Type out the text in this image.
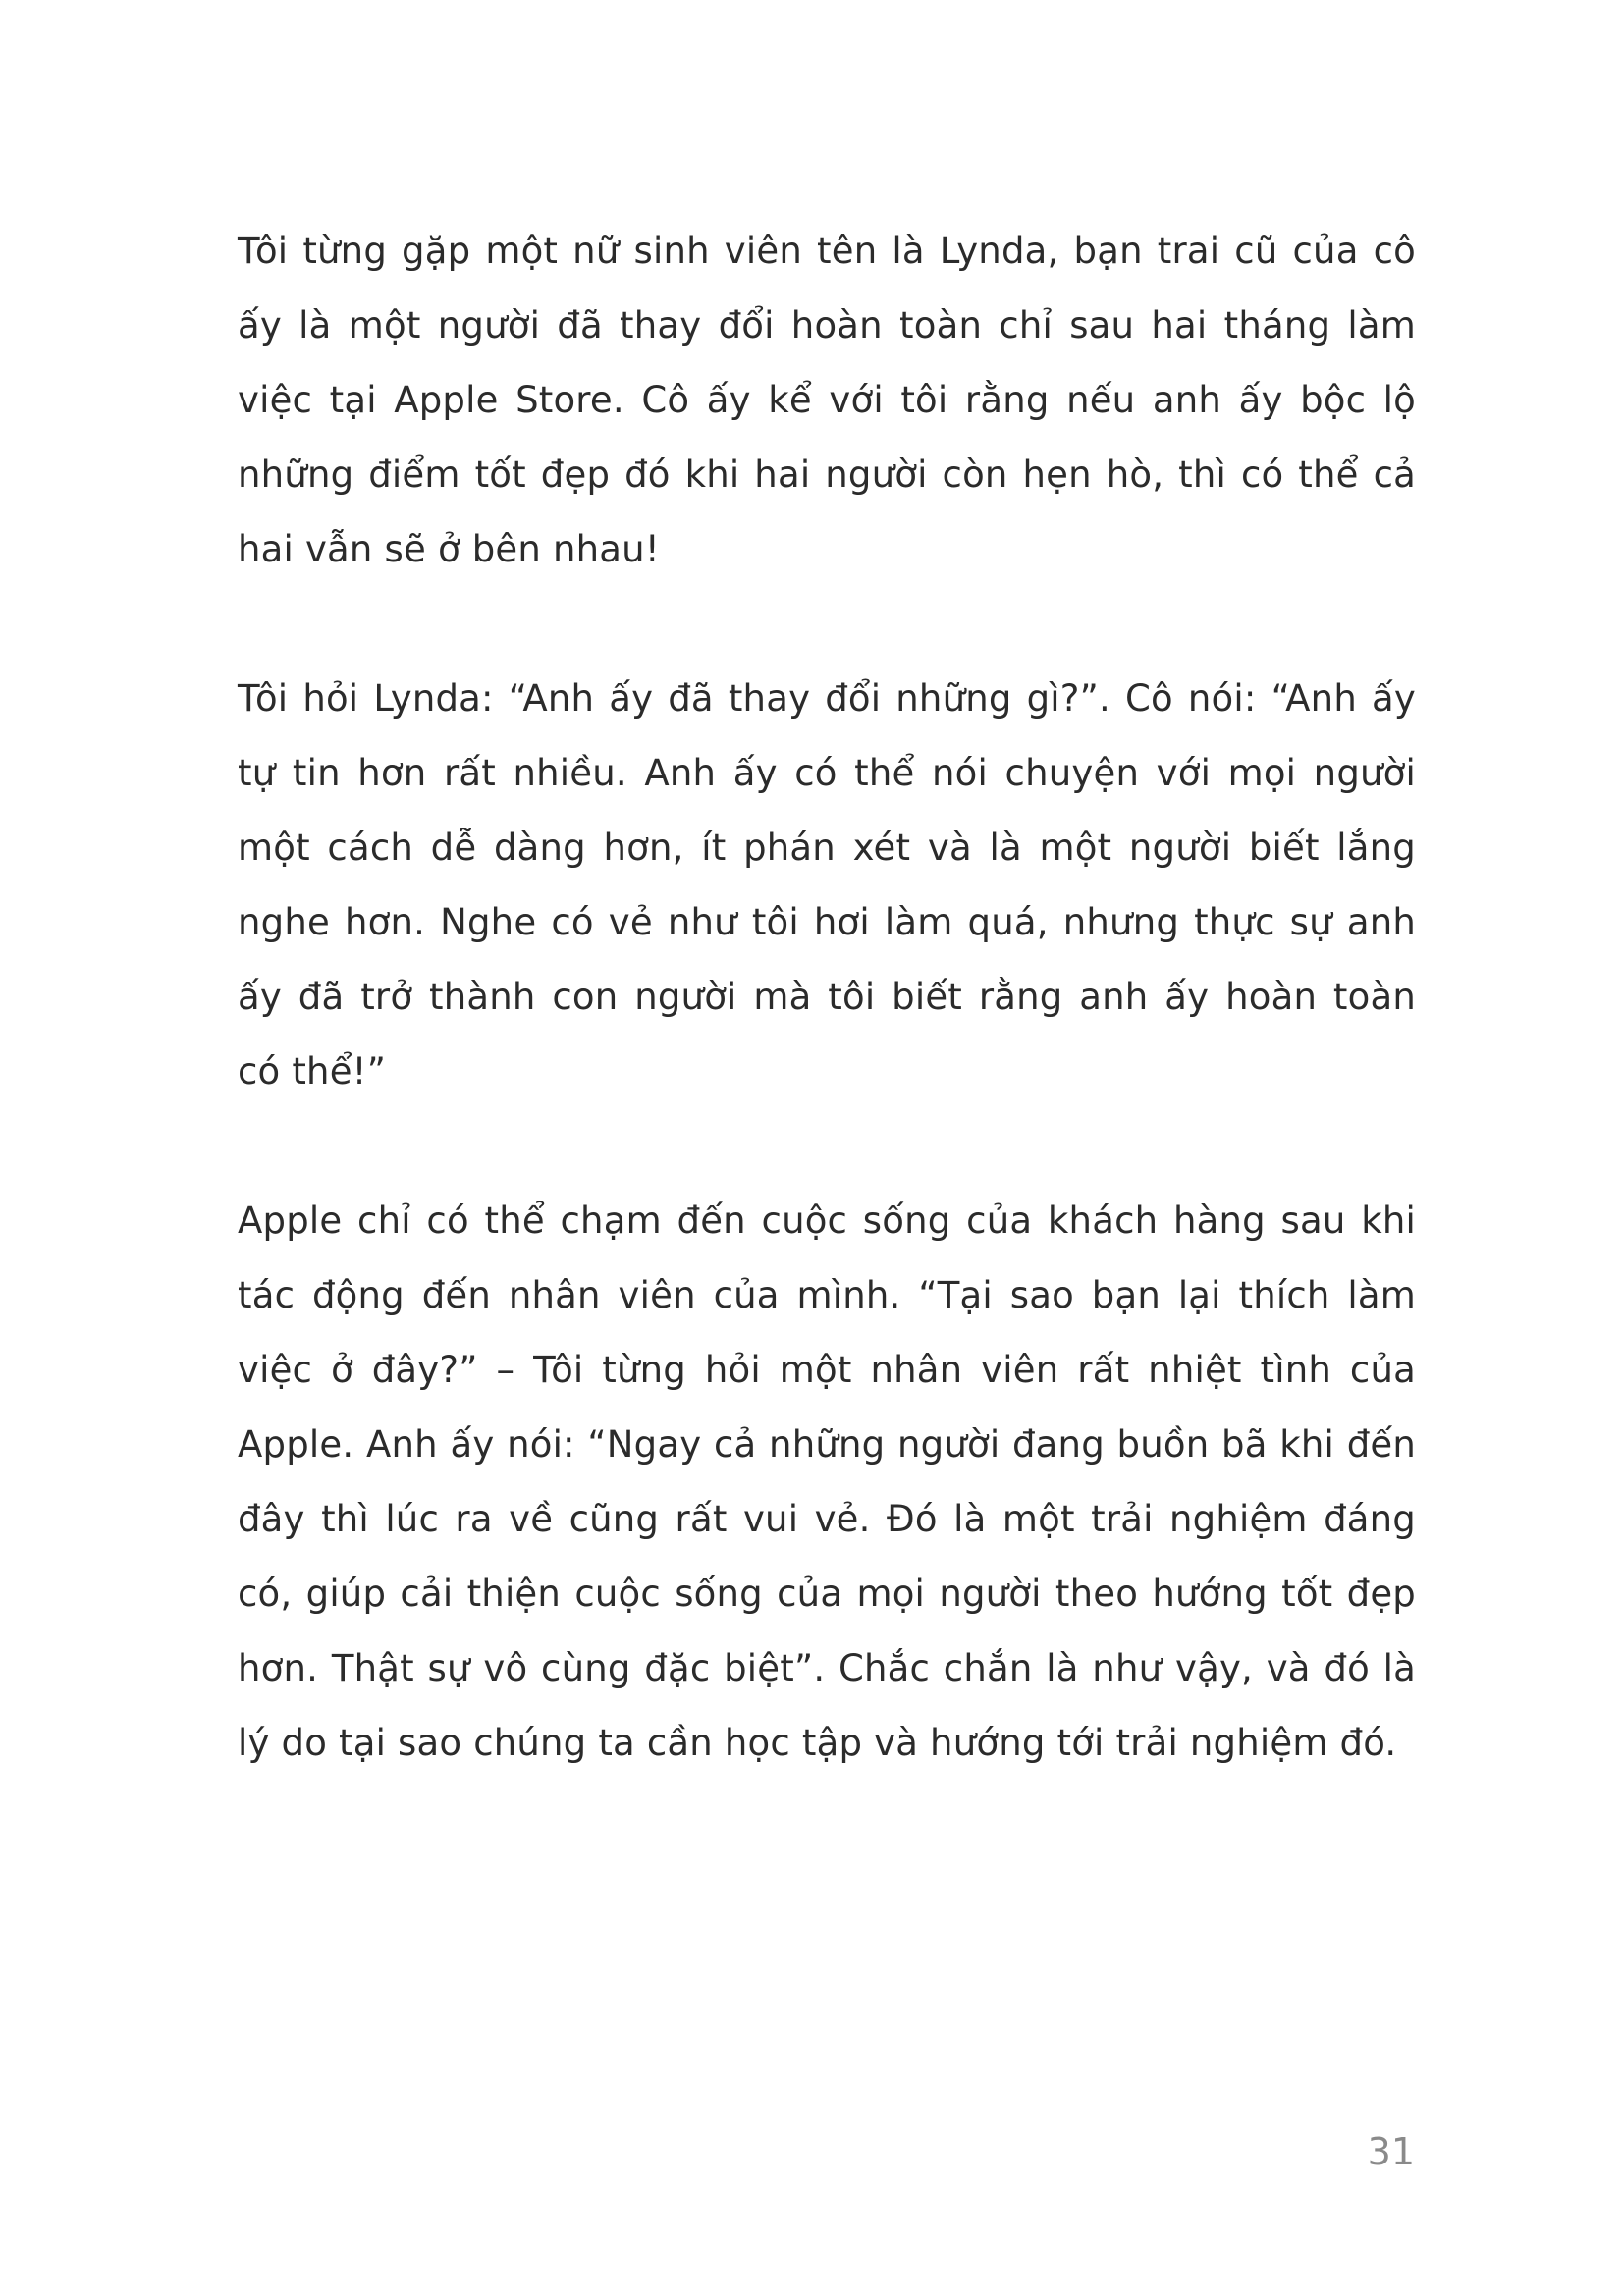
Tôi từng gặp một nữ sinh viên tên là Lynda, bạn trai cũ của cô
ấy là một người đã thay đổi hoàn toàn chỉ sau hai tháng làm
việc tại Apple Store. Cô ấy kể với tôi rằng nếu anh ấy bộc lộ
những điểm tốt đẹp đó khi hai người còn hẹn hò, thì có thể cả
hai vẫn sẽ ở bên nhau!
Tôi hỏi Lynda: “Anh ấy đã thay đổi những gì?”. Cô nói: “Anh ấy
tự tin hơn rất nhiều. Anh ấy có thể nói chuyện với mọi người
một cách dễ dàng hơn, ít phán xét và là một người biết lắng
nghe hơn. Nghe có vẻ như tôi hơi làm quá, nhưng thực sự anh
ấy đã trở thành con người mà tôi biết rằng anh ấy hoàn toàn
có thể!”
Apple chỉ có thể chạm đến cuộc sống của khách hàng sau khi
tác động đến nhân viên của mình. “Tại sao bạn lại thích làm
việc ở đây?” – Tôi từng hỏi một nhân viên rất nhiệt tình của
Apple. Anh ấy nói: “Ngay cả những người đang buồn bã khi đến
đây thì lúc ra về cũng rất vui vẻ. Đó là một trải nghiệm đáng
có, giúp cải thiện cuộc sống của mọi người theo hướng tốt đẹp
hơn. Thật sự vô cùng đặc biệt”. Chắc chắn là như vậy, và đó là
lý do tại sao chúng ta cần học tập và hướng tới trải nghiệm đó.
31
